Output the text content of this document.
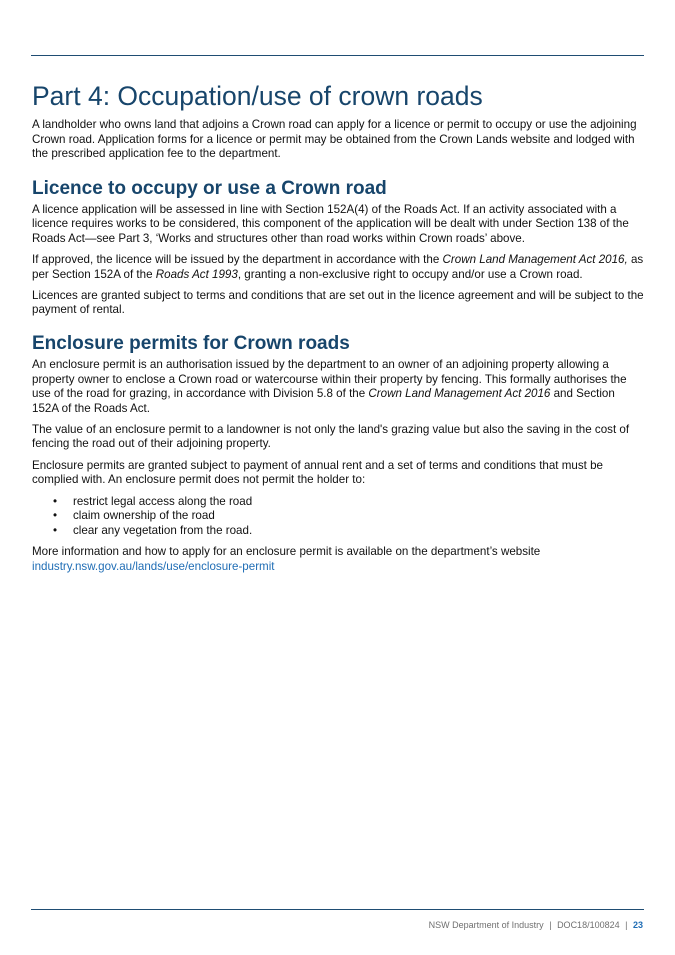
Part 4: Occupation/use of crown roads

A landholder who owns land that adjoins a Crown road can apply for a licence or permit to occupy or use the adjoining Crown road. Application forms for a licence or permit may be obtained from the Crown Lands website and lodged with the prescribed application fee to the department.

Licence to occupy or use a Crown road

A licence application will be assessed in line with Section 152A(4) of the Roads Act. If an activity associated with a licence requires works to be considered, this component of the application will be dealt with under Section 138 of the Roads Act—see Part 3, ‘Works and structures other than road works within Crown roads’ above.

If approved, the licence will be issued by the department in accordance with the Crown Land Management Act 2016, as per Section 152A of the Roads Act 1993, granting a non-exclusive right to occupy and/or use a Crown road.

Licences are granted subject to terms and conditions that are set out in the licence agreement and will be subject to the payment of rental.

Enclosure permits for Crown roads

An enclosure permit is an authorisation issued by the department to an owner of an adjoining property allowing a property owner to enclose a Crown road or watercourse within their property by fencing. This formally authorises the use of the road for grazing, in accordance with Division 5.8 of the Crown Land Management Act 2016 and Section 152A of the Roads Act.

The value of an enclosure permit to a landowner is not only the land's grazing value but also the saving in the cost of fencing the road out of their adjoining property.

Enclosure permits are granted subject to payment of annual rent and a set of terms and conditions that must be complied with. An enclosure permit does not permit the holder to:

• restrict legal access along the road
• claim ownership of the road
• clear any vegetation from the road.

More information and how to apply for an enclosure permit is available on the department’s website
industry.nsw.gov.au/lands/use/enclosure-permit

NSW Department of Industry | DOC18/100824 | 23
